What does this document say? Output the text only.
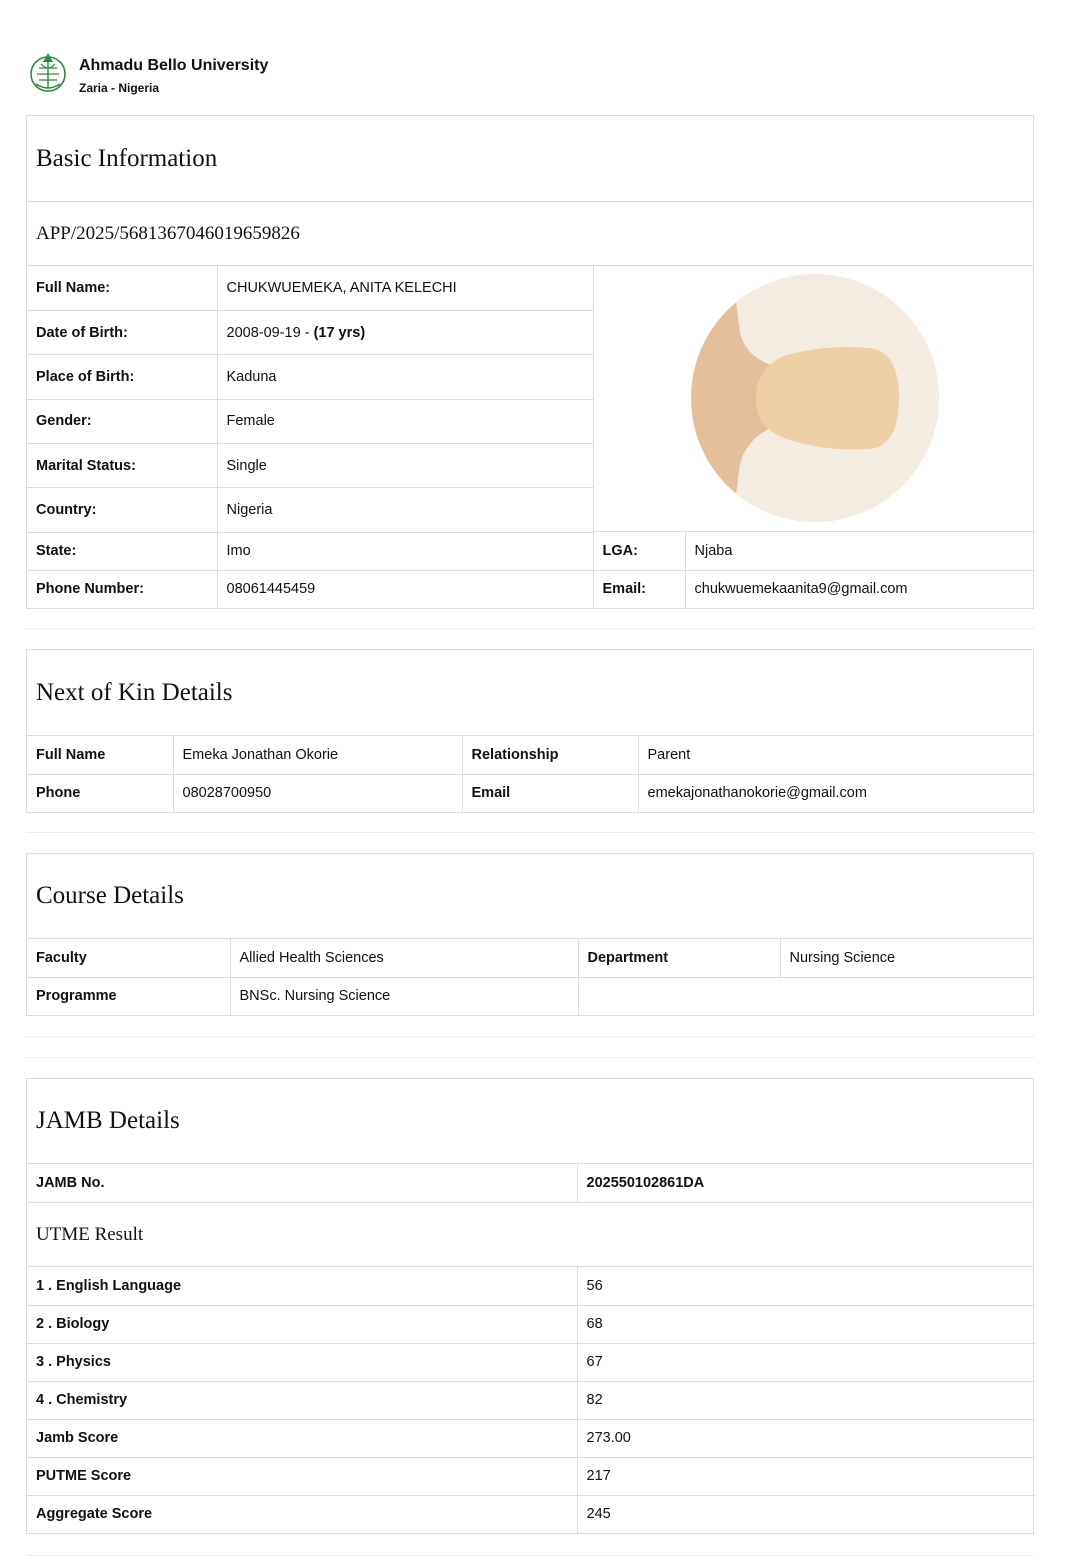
Ahmadu Bello University
Zaria - Nigeria
Basic Information
APP/2025/5681367046019659826
Full Name:	CHUKWUEMEKA, ANITA KELECHI
Date of Birth:	2008-09-19 - (17 yrs)
Place of Birth:	Kaduna
Gender:	Female
Marital Status:	Single
Country:	Nigeria
State:	Imo	LGA:	Njaba
Phone Number:	08061445459	Email:	chukwuemekaanita9@gmail.com
Next of Kin Details
Full Name	Emeka Jonathan Okorie	Relationship	Parent
Phone	08028700950	Email	emekajonathanokorie@gmail.com
Course Details
Faculty	Allied Health Sciences	Department	Nursing Science
Programme	BNSc. Nursing Science		
JAMB Details
JAMB No.	202550102861DA
UTME Result
1 . English Language	56
2 . Biology	68
3 . Physics	67
4 . Chemistry	82
Jamb Score	273.00
PUTME Score	217
Aggregate Score	245
